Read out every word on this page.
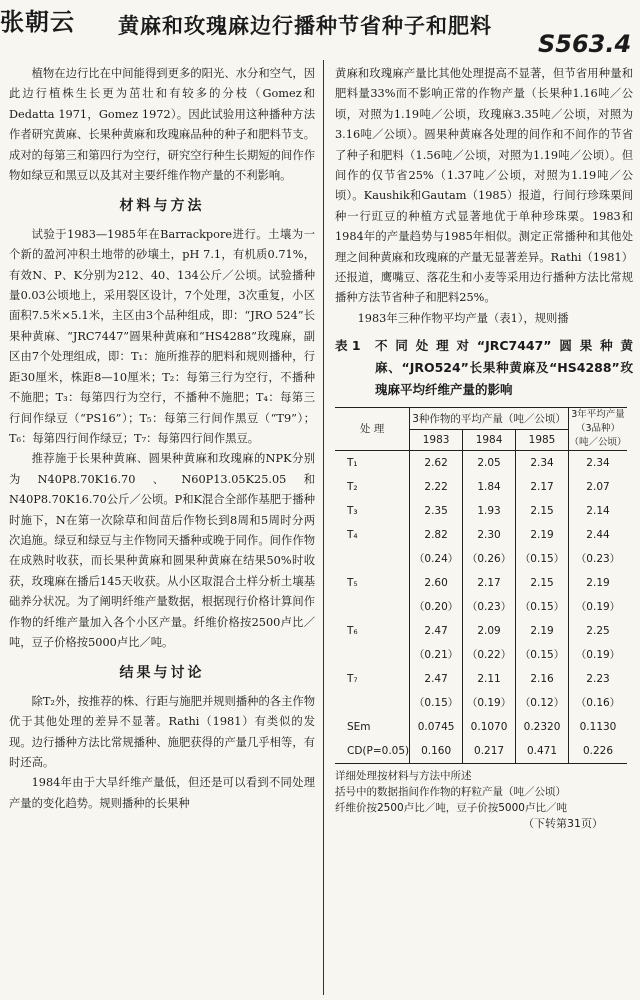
张朝云 黄麻和玫瑰麻边行播种节省种子和肥料
S563.4

植物在边行比在中间能得到更多的阳光、水分和空气，因此边行植株生长更为茁壮和有较多的分枝（Gomez和Dedatta 1971，Gomez 1972）。因此试验用这种播种方法作者研究黄麻、长果种黄麻和玫瑰麻品种的种子和肥料节支。成对的每第三和第四行为空行，研究空行种生长期短的间作作物如绿豆和黑豆以及其对主要纤维作物产量的不利影响。

材料与方法

试验于1983—1985年在Barrackpore进行。土壤为一个新的盈河冲积土地带的砂壤土，pH 7.1，有机质0.71%，有效N、P、K分别为212、40、134公斤／公顷。试验播种量0.03公顷地上，采用裂区设计，7个处理，3次重复，小区面积7.5米×5.1米，主区由3个品种组成，即：“JRO 524”长果种黄麻、“JRC7447”圆果种黄麻和“HS4288”玫瑰麻，副区由7个处理组成，即：T₁：施所推荐的肥料和规则播种，行距30厘米，株距8—10厘米；T₂：每第三行为空行，不播种不施肥；T₃：每第四行为空行，不播种不施肥；T₄：每第三行间作绿豆（“PS16”）；T₅：每第三行间作黑豆（“T9”）；T₆：每第四行间作绿豆；T₇：每第四行间作黑豆。

推荐施于长果种黄麻、圆果种黄麻和玫瑰麻的NPK分别为N40P8.70K16.70、N60P13.05K25.05和N40P8.70K16.70公斤／公顷。P和K混合全部作基肥于播种时施下，N在第一次除草和间苗后作物长到8周和5周时分两次追施。绿豆和绿豆与主作物同天播种或晚于同作。间作作物在成熟时收获，而长果种黄麻和圆果种黄麻在结果50%时收获，玫瑰麻在播后145天收获。从小区取混合土样分析土壤基础养分状况。为了阐明纤维产量数据，根据现行价格计算间作作物的纤维产量加入各个小区产量。纤维价格按2500卢比／吨，豆子价格按5000卢比／吨。

结果与讨论

除T₂外，按推荐的株、行距与施肥并规则播种的各主作物优于其他处理的差异不显著。Rathi（1981）有类似的发现。边行播种方法比常规播种、施肥获得的产量几乎相等，有时还高。

1984年由于大旱纤维产量低，但还是可以看到不同处理产量的变化趋势。规则播种的长果种

黄麻和玫瑰麻产量比其他处理提高不显著，但节省用种量和肥料量33%而不影响正常的作物产量（长果种1.16吨／公顷，对照为1.19吨／公顷，玫瑰麻3.35吨／公顷，对照为3.16吨／公顷）。圆果种黄麻各处理的间作和不间作的节省了种子和肥料（1.56吨／公顷，对照为1.19吨／公顷）。但间作的仅节省25%（1.37吨／公顷，对照为1.19吨／公顷）。Kaushik和Gautam（1985）报道，行间行珍珠栗间种一行豇豆的种植方式显著地优于单种珍珠栗。1983和1984年的产量趋势与1985年相似。测定正常播种和其他处理之间种黄麻和玫瑰麻的产量无显著差异。Rathi（1981）还报道，鹰嘴豆、落花生和小麦等采用边行播种方法比常规播种方法节省种子和肥料25%。

1983年三种作物平均产量（表1），规则播

表 1	不同处理对“JRC7447”圆果种黄麻、“JRO524”长果种黄麻及“HS4288”玫瑰麻平均纤维产量的影响
处 理	3种作物的平均产量（吨／公顷）			3年平均产量（3品种）（吨／公顷）
	1983	1984	1985	
T₁	2.62	2.05	2.34	2.34
T₂	2.22	1.84	2.17	2.07
T₃	2.35	1.93	2.15	2.14
T₄	2.82	2.30	2.19	2.44
	（0.24）	（0.26）	（0.15）	（0.23）
T₅	2.60	2.17	2.15	2.19
	（0.20）	（0.23）	（0.15）	（0.19）
T₆	2.47	2.09	2.19	2.25
	（0.21）	（0.22）	（0.15）	（0.19）
T₇	2.47	2.11	2.16	2.23
	（0.15）	（0.19）	（0.12）	（0.16）
SEm	0.0745	0.1070	0.2320	0.1130
CD(P=0.05)	0.160	0.217	0.471	0.226
详细处理按材料与方法中所述
括号中的数据指间作作物的籽粒产量（吨／公顷）
纤维价按2500卢比／吨，豆子价按5000卢比／吨
（下转第31页）
